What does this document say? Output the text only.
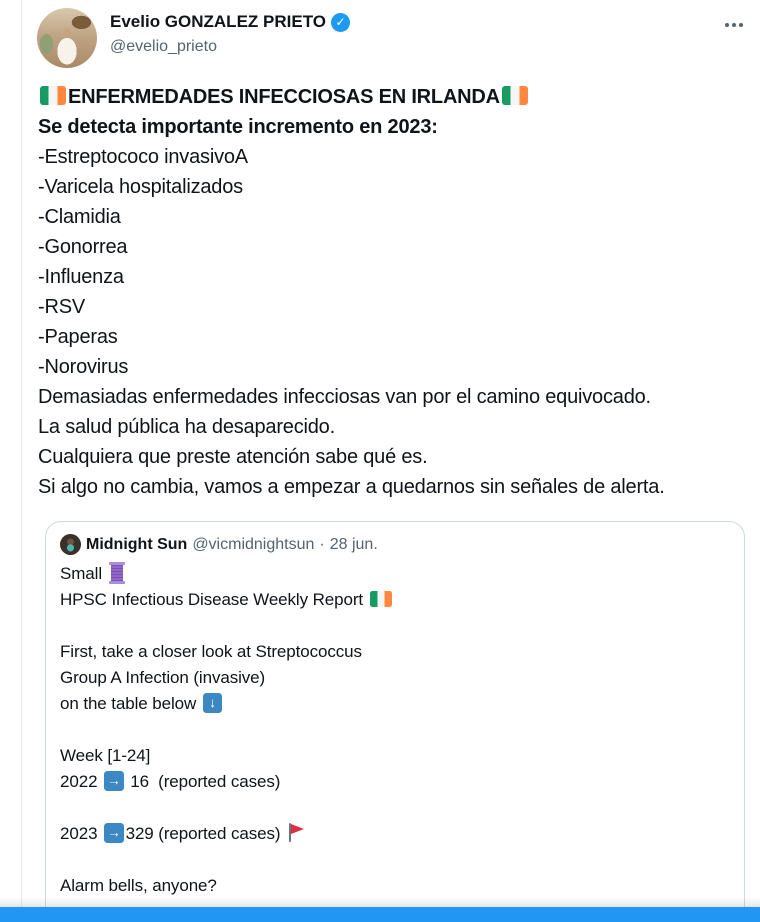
Evelio GONZALEZ PRIETO ✓
@evelio_prieto
ENFERMEDADES INFECCIOSAS EN IRLANDA
Se detecta importante incremento en 2023:
-Estreptococo invasivoA
-Varicela hospitalizados
-Clamidia
-Gonorrea
-Influenza
-RSV
-Paperas
-Norovirus
Demasiadas enfermedades infecciosas van por el camino equivocado.
La salud pública ha desaparecido.
Cualquiera que preste atención sabe qué es.
Si algo no cambia, vamos a empezar a quedarnos sin señales de alerta.
Midnight Sun @vicmidnightsun · 28 jun.
Small
HPSC Infectious Disease Weekly Report
First, take a closer look at Streptococcus
Group A Infection (invasive)
on the table below ↓
Week [1-24]
2022 → 16  (reported cases)
2023 → 329 (reported cases)
Alarm bells, anyone?
